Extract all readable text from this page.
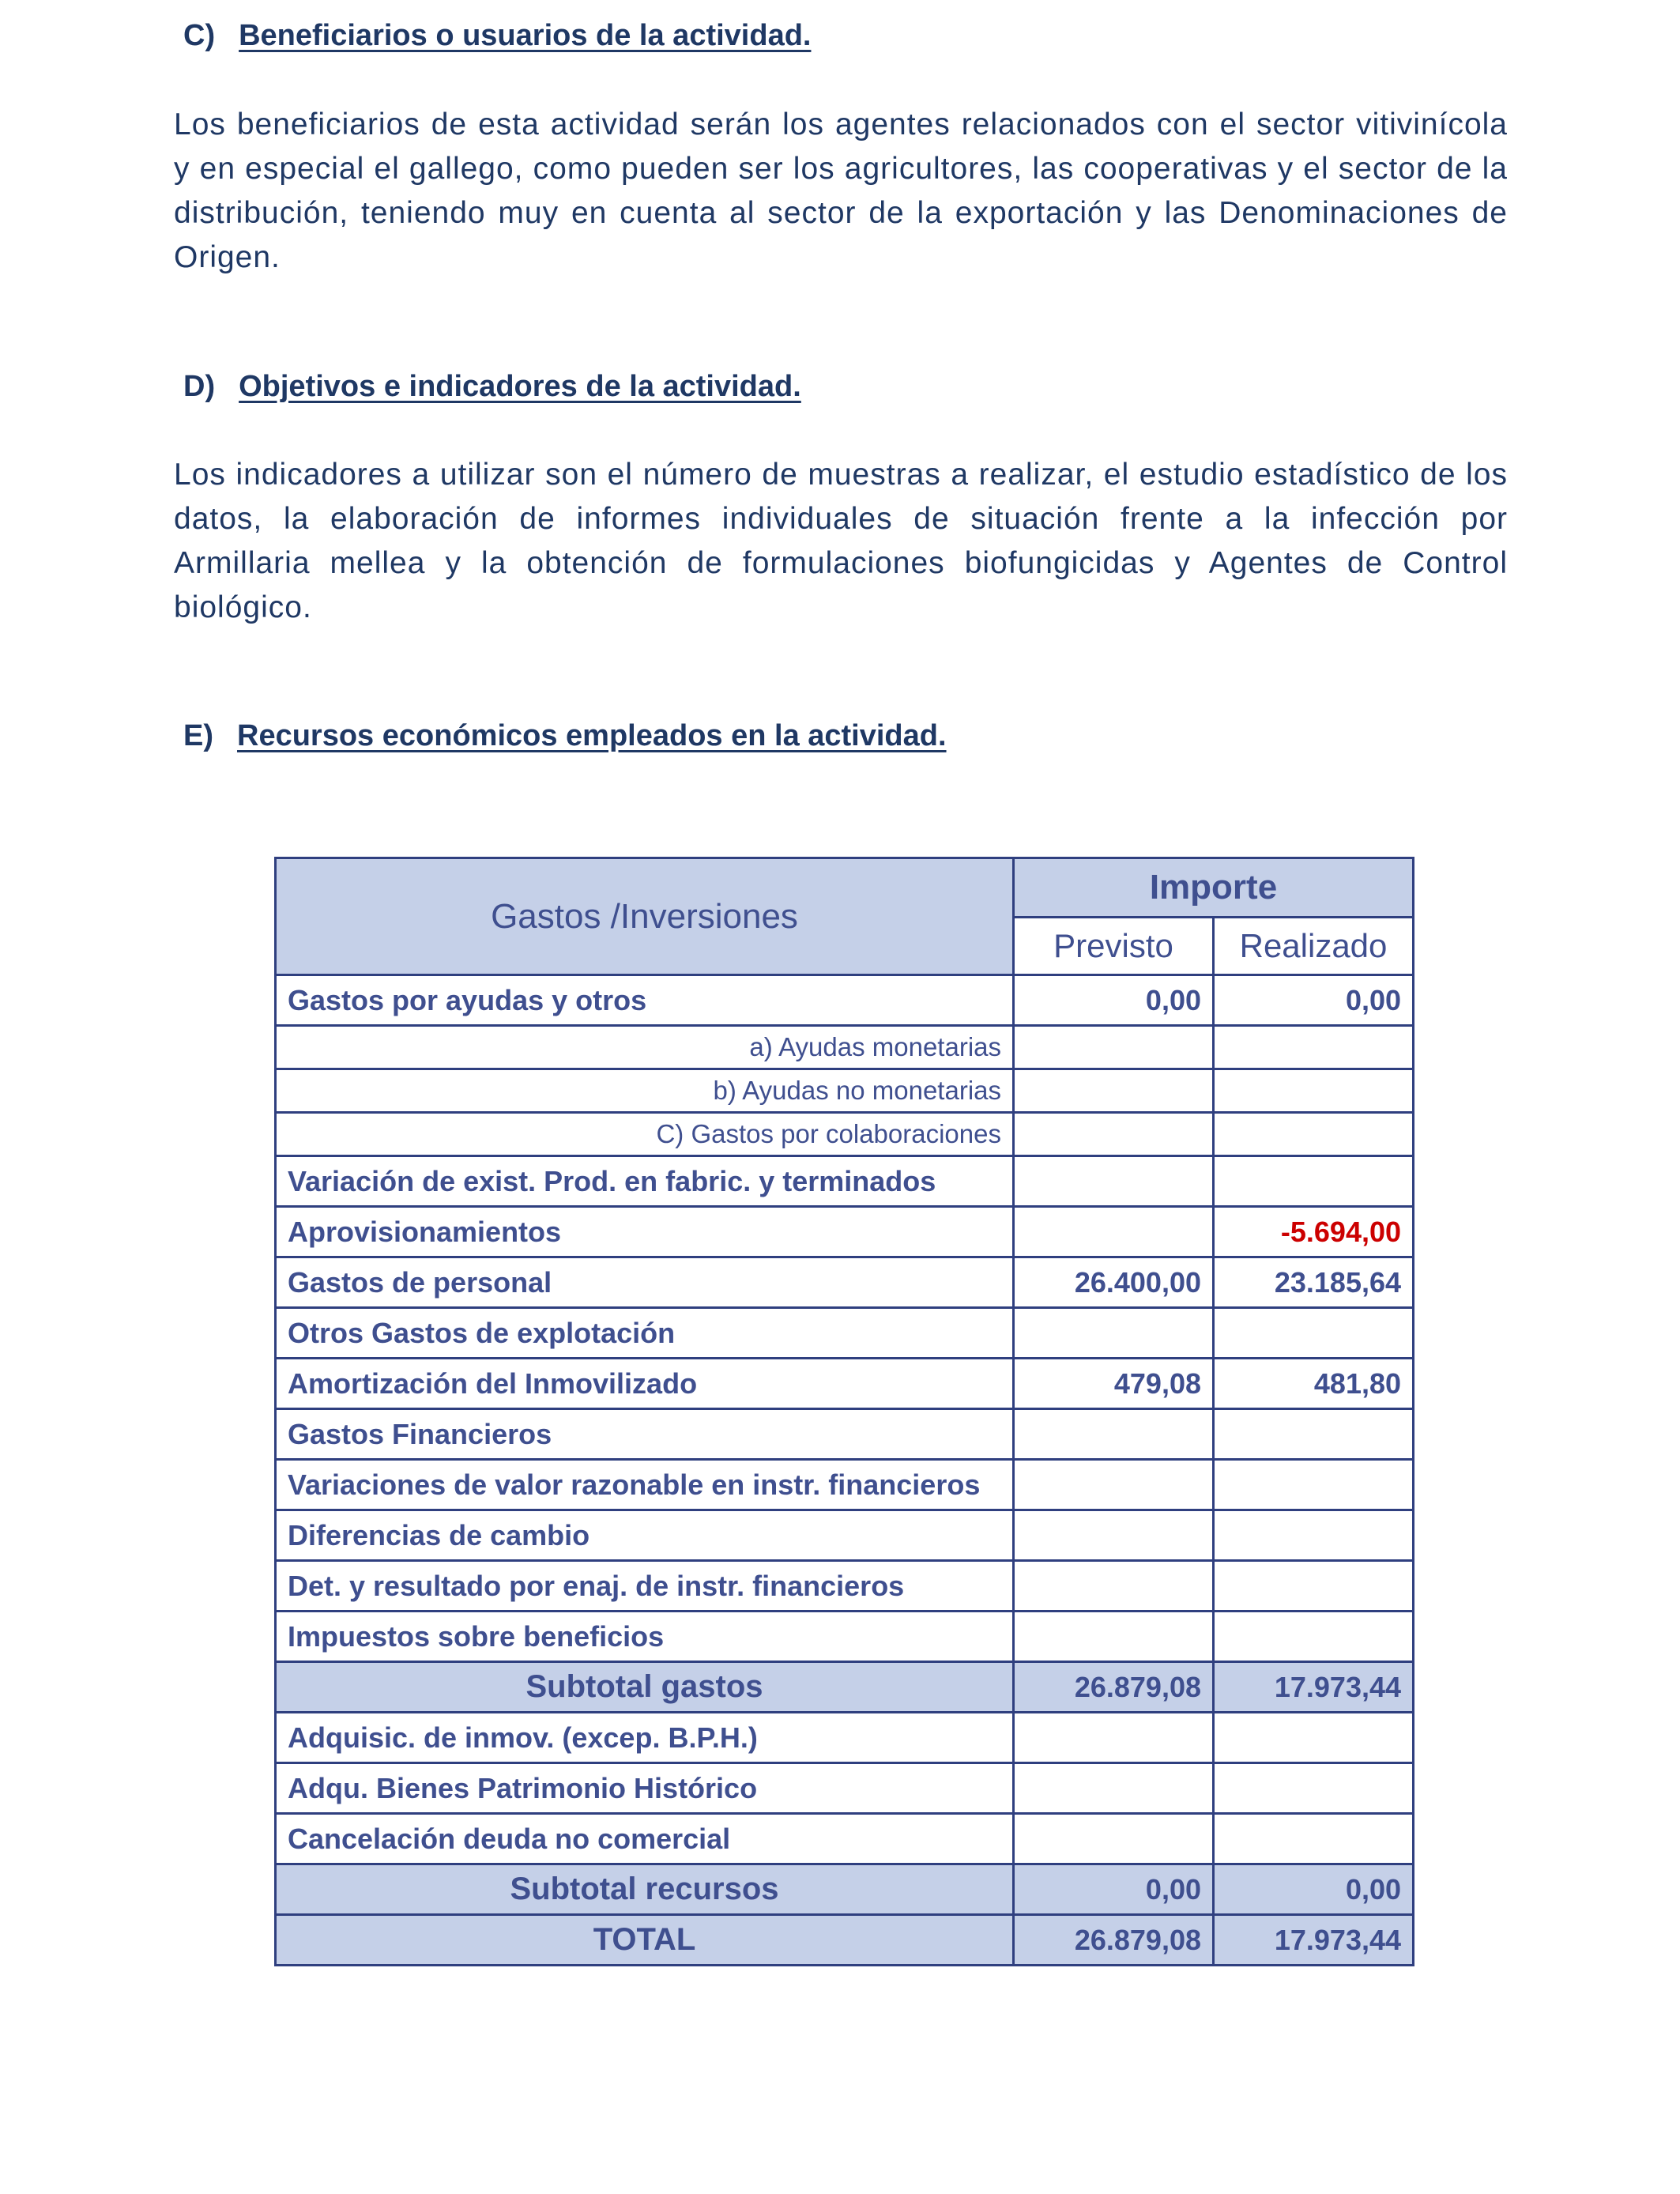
C) Beneficiarios o usuarios de la actividad.
Los beneficiarios de esta actividad serán los agentes relacionados con el sector vitivinícola y en especial el gallego, como pueden ser los agricultores, las cooperativas y el sector de la distribución, teniendo muy en cuenta al sector de la exportación y las Denominaciones de Origen.
D) Objetivos e indicadores de la actividad.
Los indicadores a utilizar son el número de muestras a realizar, el estudio estadístico de los datos, la elaboración de informes individuales de situación frente a la infección por Armillaria mellea y la obtención de formulaciones biofungicidas y Agentes de Control biológico.
E) Recursos económicos empleados en la actividad.
Gastos /Inversiones	Importe	
	Previsto	Realizado
Gastos por ayudas y otros	0,00	0,00
a) Ayudas monetarias		
b) Ayudas no monetarias		
C) Gastos por colaboraciones		
Variación de exist. Prod. en fabric. y terminados		
Aprovisionamientos		-5.694,00
Gastos de personal	26.400,00	23.185,64
Otros Gastos de explotación		
Amortización del Inmovilizado	479,08	481,80
Gastos Financieros		
Variaciones de valor razonable en instr. financieros		
Diferencias de cambio		
Det. y resultado por enaj. de instr. financieros		
Impuestos sobre beneficios		
Subtotal gastos	26.879,08	17.973,44
Adquisic. de inmov. (excep. B.P.H.)		
Adqu. Bienes Patrimonio Histórico		
Cancelación deuda no comercial		
Subtotal recursos	0,00	0,00
TOTAL	26.879,08	17.973,44
